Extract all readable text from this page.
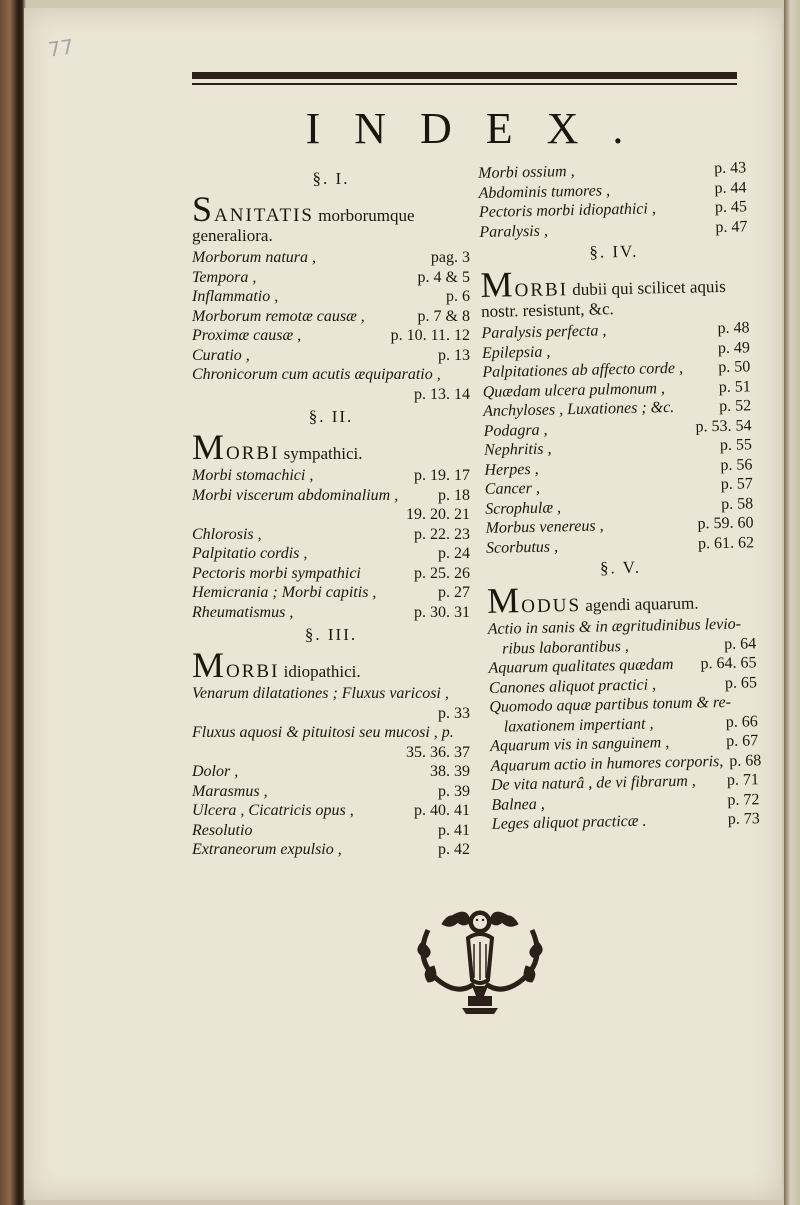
77
INDEX.
§. I.
SANITATIS morborumque generaliora.
Morborum natura ,	pag. 3
Tempora ,	p. 4 & 5
Inflammatio ,	p. 6
Morborum remotæ causæ ,	p. 7 & 8
Proximæ causæ ,	p. 10. 11. 12
Curatio ,	p. 13
Chronicorum cum acutis æquiparatio ,
p. 13. 14
§. II.
MORBI sympathici.
Morbi stomachici ,	p. 19. 17
Morbi viscerum abdominalium ,	p. 18
19. 20. 21
Chlorosis ,	p. 22. 23
Palpitatio cordis ,	p. 24
Pectoris morbi sympathici	p. 25. 26
Hemicrania ; Morbi capitis ,	p. 27
Rheumatismus ,	p. 30. 31
§. III.
MORBI idiopathici.
Venarum dilatationes ; Fluxus varicosi ,
p. 33
Fluxus aquosi & pituitosi seu mucosi , p.
35. 36. 37
Dolor ,	38. 39
Marasmus ,	p. 39
Ulcera , Cicatricis opus ,	p. 40. 41
Resolutio	p. 41
Extraneorum expulsio ,	p. 42
Morbi ossium ,	p. 43
Abdominis tumores ,	p. 44
Pectoris morbi idiopathici ,	p. 45
Paralysis ,	p. 47
§. IV.
MORBI dubii qui scilicet aquis nostr. resistunt, &c.
Paralysis perfecta ,	p. 48
Epilepsia ,	p. 49
Palpitationes ab affecto corde ,	p. 50
Quædam ulcera pulmonum ,	p. 51
Anchyloses , Luxationes ; &c.	p. 52
Podagra ,	p. 53. 54
Nephritis ,	p. 55
Herpes ,	p. 56
Cancer ,	p. 57
Scrophulæ ,	p. 58
Morbus venereus ,	p. 59. 60
Scorbutus ,	p. 61. 62
§. V.
MODUS agendi aquarum.
Actio in sanis & in ægritudinibus levio-
ribus laborantibus ,	p. 64
Aquarum qualitates quædam	p. 64. 65
Canones aliquot practici ,	p. 65
Quomodo aquæ partibus tonum & re-
laxationem impertiant ,	p. 66
Aquarum vis in sanguinem ,	p. 67
Aquarum actio in humores corporis, p. 68
De vita naturâ , de vi fibrarum ,	p. 71
Balnea ,	p. 72
Leges aliquot practicæ .	p. 73
